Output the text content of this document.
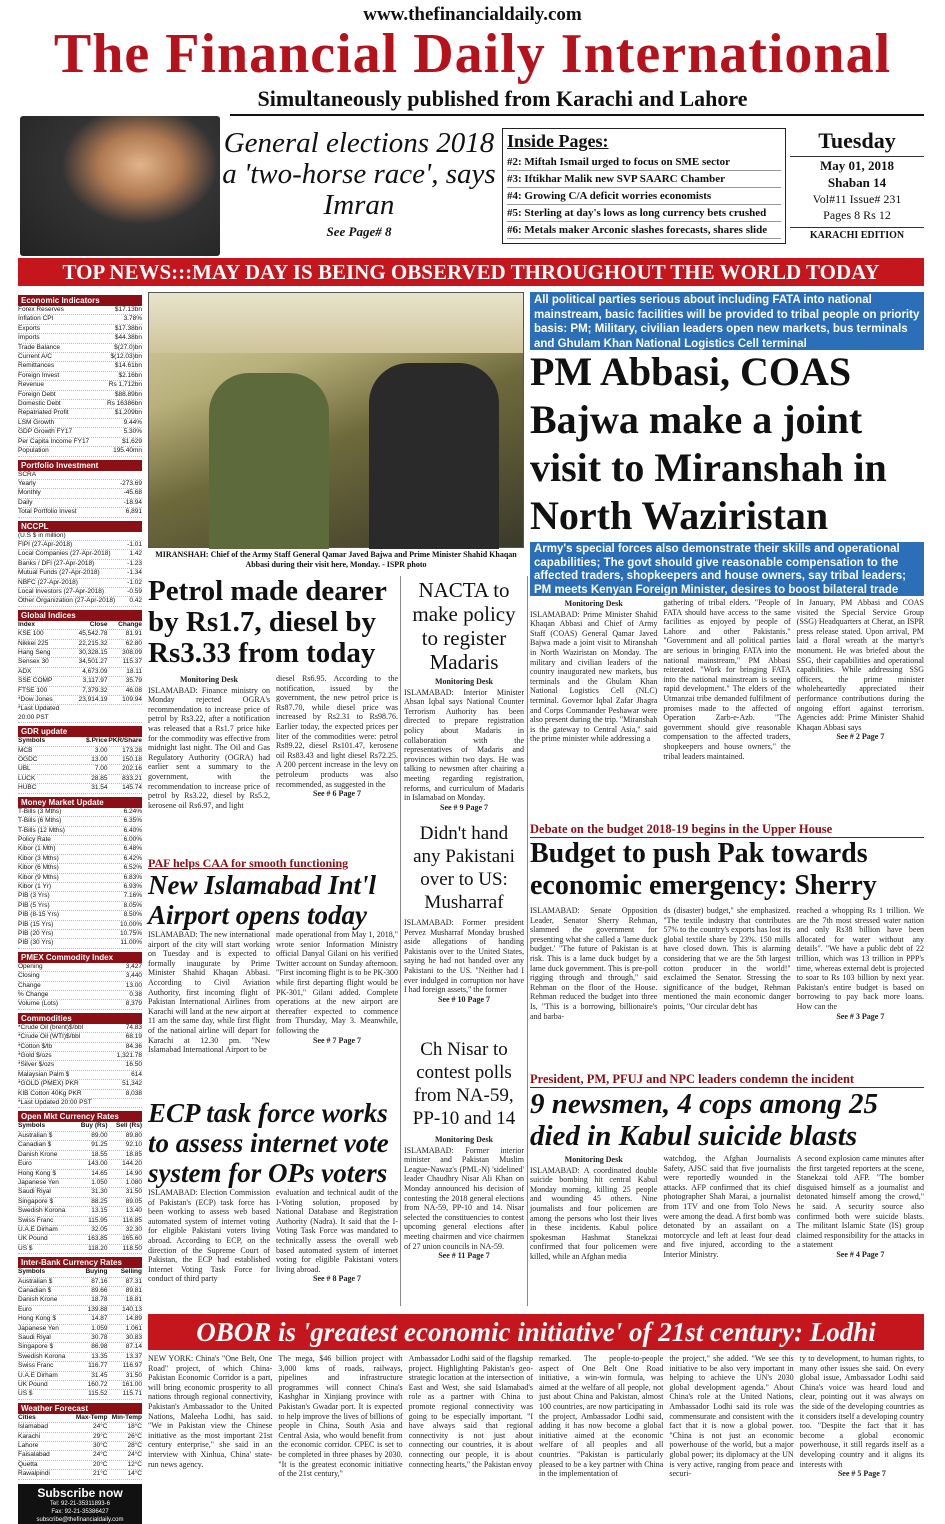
www.thefinancialdaily.com
The Financial Daily International
Simultaneously published from Karachi and Lahore
General elections 2018 a 'two-horse race', says Imran
See Page# 8
Inside Pages:
#2: Miftah Ismail urged to focus on SME sector
#3: Iftikhar Malik new SVP SAARC Chamber
#4: Growing C/A deficit worries economists
#5: Sterling at day's lows as long currency bets crushed
#6: Metals maker Arconic slashes forecasts, shares slide
Tuesday
May 01, 2018
Shaban 14
Vol#11 Issue# 231
Pages 8 Rs 12
KARACHI EDITION
TOP NEWS:::MAY DAY IS BEING OBSERVED THROUGHOUT THE WORLD TODAY
Economic Indicators
Forex Reserves	$17.13bn
Inflation CPI	3.78%
Exports	$17.38bn
Imports	$44.38bn
Trade Balance	$(27.0)bn
Current A/C	$(12.03)bn
Remittances	$14.61bn
Foreign Invest	$2.16bn
Revenue	Rs 1,712bn
Foreign Debt	$88.89bn
Domestic Debt	Rs 16386bn
Repatriated Profit	$1,209bn
LSM Growth	9.44%
GDP Growth FY17	5.30%
Per Capita Income FY17	$1,629
Population	195.40mn
Portfolio Investment
SCRA
Yearly	-273.69
Monthly	-45.68
Daily	-18.94
Total Portfolio Invest	6,891
NCCPL
(U.S $ in million)
FIPI (27-Apr-2018)	-1.01
Local Companies (27-Apr-2018)	1.42
Banks / DFI (27-Apr-2018)	-1.23
Mutual Funds (27-Apr-2018)	-1.34
NBFC (27-Apr-2018)	-1.02
Local Investors (27-Apr-2018)	-0.59
Other Organization (27-Apr-2018) 0.42
Global Indices
Index	Close	Change
KSE 100	45,542.78	81.91
Nikkei 225	22,215.32	62.80
Hang Seng	30,328.15	308.09
Sensex 30	34,501.27	115.37
ADX	4,673.09	18.11
SSE COMP	3,117.97	35.79
FTSE 100	7,379.32	46.08
*Dow Jones	23,914.19	109.94
*Last Updated 20:00 PST
GDR update
Symbols	$.Price PKR/Share
MCB	3.00	173.28
OGDC	13.00	150.18
UBL	7.00	202.16
LUCK	28.85	833.21
HUBC	31.54	145.74
Money Market Update
T-Bills (3 Mths)	6.24%
T-Bills (6 Mths)	6.35%
T-Bills (12 Mths)	6.40%
Policy Rate	6.00%
Kibor (1 Mth)	6.48%
Kibor (3 Mths)	6.42%
Kibor (6 Mths)	6.52%
Kibor (9 Mths)	6.83%
Kibor (1 Yr)	6.93%
PIB (3 Yrs)	7.16%
PIB (5 Yrs)	8.05%
PIB (8-15 Yrs)	8.50%
PIB (15 Yrs)	10.00%
PIB (20 Yrs)	10.75%
PIB (30 Yrs)	11.00%
PMEX Commodity Index
Opening	3,427
Closing	3,440
Change	13.00
% Change	0.38
Volume (Lots)	8,379
Commodities
*Crude Oil (brent)$/bbl	74.83
*Crude Oil (WTI)$/bbl	68.19
*Cotton $/lb	84.36
*Gold $/ozs	1,321.78
*Silver $/ozs	16.50
Malaysian Palm $	614
*GOLD (PMEX) PKR	51,342
KIB Cotton 40Kg PKR	8,038
*Last Updated 20:00 PST
Open Mkt Currency Rates
Symbols	Buy (Rs)	Sell (Rs)
Australian $	89.00	89.80
Canadian $	91.25	92.10
Danish Krone	18.55	18.85
Euro	143.00	144.20
Hong Kong $	14.65	14.90
Japanese Yen	1.050	1.080
Saudi Riyal	31.30	31.50
Singapore $	88.25	89.05
Swedish Korona	13.15	13.40
Swiss Franc	115.95	116.85
U.A.E Dirham	32.05	32.30
UK Pound	163.85	165.60
US $	118.20	118.50
Inter-Bank Currency Rates
Symbols	Buying	Selling
Australian $	87.16	87.31
Canadian $	89.66	89.81
Danish Krone	18.78	18.81
Euro	139.88	140.13
Hong Kong $	14.87	14.89
Japanese Yen	1.059	1.061
Saudi Riyal	30.78	30.83
Singapore $	86.98	87.14
Swedish Korona	13.35	13.37
Swiss Franc	116.77	116.97
U.A.E Dirham	31.45	31.50
UK Pound	160.72	161.00
US $	115.52	115.71
Weather Forecast
Cities	Max-Temp Min-Temp
Islamabad	24°C	18°C
Karachi	29°C	26°C
Lahore	30°C	28°C
Faisalabad	24°C	24°C
Quetta	20°C	12°C
Rawalpindi	21°C	14°C
Subscribe now
Tel: 92-21-35311893-6
Fax: 92-21-35386427
subscribe@thefinancialdaily.com
MIRANSHAH: Chief of the Army Staff General Qamar Javed Bajwa and Prime Minister Shahid Khaqan Abbasi during their visit here, Monday. - ISPR photo
All political parties serious about including FATA into national mainstream, basic facilities will be provided to tribal people on priority basis: PM; Military, civilian leaders open new markets, bus terminals and Ghulam Khan National Logistics Cell terminal
PM Abbasi, COAS Bajwa make a joint visit to Miranshah in North Waziristan
Army's special forces also demonstrate their skills and operational capabilities; The govt should give reasonable compensation to the affected traders, shopkeepers and house owners, say tribal leaders; PM meets Kenyan Foreign Minister, desires to boost bilateral trade
Monitoring Desk
ISLAMABAD: Prime Minister Shahid Khaqan Abbasi and Chief of Army Staff (COAS) General Qamar Javed Bajwa made a joint visit to Miranshah in North Waziristan on Monday. The military and civilian leaders of the country inaugurated new markets, bus terminals and the Ghulam Khan National Logistics Cell (NLC) terminal. Governor Iqbal Zafar Jhagra and Corps Commander Peshawar were also present during the trip. "Miranshah is the gateway to Central Asia," said the prime minister while addressing a
gathering of tribal elders. "People of FATA should have access to the same facilities as enjoyed by people of Lahore and other Pakistanis." "Government and all political parties are serious in bringing FATA into the national mainstream," PM Abbasi reiterated. "Work for bringing FATA into the national mainstream is seeing rapid development." The elders of the Utmanzai tribe demanded fulfilment of promises made to the affected of Operation Zarb-e-Azb. "The government should give reasonable compensation to the affected traders, shopkeepers and house owners," the tribal leaders maintained.
In January, PM Abbasi and COAS visited the Special Service Group (SSG) Headquarters at Cherat, an ISPR press release stated. Upon arrival, PM laid a floral wreath at the martyr's monument. He was briefed about the SSG, their capabilities and operational capabilities. While addressing SSG officers, the prime minister wholeheartedly appreciated their performance contributions during the ongoing effort against terrorism. Agencies add: Prime Minister Shahid Khaqan Abbasi says
See # 2 Page 7
Petrol made dearer by Rs1.7, diesel by Rs3.33 from today
Monitoring Desk
ISLAMABAD: Finance ministry on Monday rejected OGRA's recommendation to increase price of petrol by Rs3.22, after a notification was released that a Rs1.7 price hike for the commodity was effective from midnight last night. The Oil and Gas Regulatory Authority (OGRA) had earlier sent a summary to the government, with the recommendation to increase price of petrol by Rs3.22, diesel by Rs5.2, kerosene oil Rs6.97, and light
diesel Rs6.95. According to the notification, issued by the government, the new petrol price is Rs87.70, while diesel price was increased by Rs2.31 to Rs98.76. Earlier today, the expected prices per liter of the commodities were: petrol Rs89.22, diesel Rs101.47, kerosene oil Rs83.43 and light diesel Rs72.25. A 200 percent increase in the levy on petroleum products was also recommended, as suggested in the
See # 6 Page 7
NACTA to make policy to register Madaris
Monitoring Desk
ISLAMABAD: Interior Minister Ahsan Iqbal says National Counter Terrorism Authority has been directed to prepare registration policy about Madaris in collaboration with the representatives of Madaris and provinces within two days. He was talking to newsmen after chairing a meeting regarding registration, reforms, and curriculum of Madaris in Islamabad on Monday.
See # 9 Page 7
Didn't hand any Pakistani over to US: Musharraf
ISLAMABAD: Former president Pervez Musharraf Monday brushed aside allegations of handing Pakistanis over to the United States, saying he had not handed over any Pakistani to the US. "Neither had I ever indulged in corruption nor have I had foreign assets," the former
See # 10 Page 7
Ch Nisar to contest polls from NA-59, PP-10 and 14
Monitoring Desk
ISLAMABAD: Former interior minister and Pakistan Muslim League-Nawaz's (PML-N) 'sidelined' leader Chaudhry Nisar Ali Khan on Monday announced his decision of contesting the 2018 general elections from NA-59, PP-10 and 14. Nisar selected the constituencies to contest upcoming general elections after meeting chairmen and vice chairmen of 27 union councils in NA-59.
See # 11 Page 7
PAF helps CAA for smooth functioning
New Islamabad Int'l Airport opens today
ISLAMABAD: The new international airport of the city will start working on Tuesday and is expected to formally inaugurate by Prime Minister Shahid Khaqan Abbasi. According to Civil Aviation Authority, first incoming flight of Pakistan International Airlines from Karachi will land at the new airport at 11 am the same day, while first flight of the national airline will depart for Karachi at 12.30 pm. "New Islamabad International Airport to be
made operational from May 1, 2018," wrote senior Information Ministry official Danyal Gilani on his verified Twitter account on Sunday afternoon. "First incoming flight is to be PK-300 while first departing flight would be PK-301," Gilani added. Complete operations at the new airport are thereafter expected to commence from Thursday, May 3. Meanwhile, following the
See # 7 Page 7
ECP task force works to assess internet vote system for OPs voters
ISLAMABAD: Election Commission of Pakistan's (ECP) task force has been working to assess web based automated system of internet voting for eligible Pakistani voters living abroad. According to ECP, on the direction of the Supreme Court of Pakistan, the ECP had established Internet Voting Task Force for conduct of third party
evaluation and technical audit of the I-Voting solution, proposed by National Database and Registration Authority (Nadra). It said that the I-Voting Task Force was mandated to technically assess the overall web based automated system of internet voting for eligible Pakistani voters living abroad.
See # 8 Page 7
Debate on the budget 2018-19 begins in the Upper House
Budget to push Pak towards economic emergency: Sherry
ISLAMABAD: Senate Opposition Leader, Senator Sherry Rehman, slammed the government for presenting what she called a 'lame duck budget.' "The future of Pakistan is at risk. This is a lame duck budget by a lame duck government. This is pre-poll rigging through and through," said Rehman on the floor of the House. Rehman reduced the budget into three Is, "This is a borrowing, billionaire's and barba-
ds (disaster) budget," she emphasized. "The textile industry that contributes 57% to the country's exports has lost its global textile share by 23%. 150 mills have closed down. This is alarming considering that we are the 5th largest cotton producer in the world!" exclaimed the Senator. Stressing the significance of the budget, Rehman mentioned the main economic danger points, "Our circular debt has
reached a whopping Rs 1 trillion. We are the 7th most stressed water nation and only Rs38 billion have been allocated for water without any details". "We have a public debt of 22 trillion, which was 13 trillion in PPP's time, whereas external debt is projected to soar to Rs 103 billion by next year. Pakistan's entire budget is based on borrowing to pay back more loans. How can the
See # 3 Page 7
President, PM, PFUJ and NPC leaders condemn the incident
9 newsmen, 4 cops among 25 died in Kabul suicide blasts
Monitoring Desk
ISLAMABAD: A coordinated double suicide bombing hit central Kabul Monday morning, killing 25 people and wounding 45 others. Nine journalists and four policemen are among the persons who lost their lives in these incidents. Kabul police spokesman Hashmat Stanekzai confirmed that four policemen were killed, while an Afghan media
watchdog, the Afghan Journalists Safety, AJSC said that five journalists were reportedly wounded in the attacks. AFP confirmed that its chief photographer Shah Marai, a journalist from 1TV and one from Tolo News were among the dead. A first bomb was detonated by an assailant on a motorcycle and left at least four dead and five injured, according to the Interior Ministry.
A second explosion came minutes after the first targeted reporters at the scene, Stanekzai told AFP. "The bomber disguised himself as a journalist and detonated himself among the crowd," he said. A security source also confirmed both were suicide blasts. The militant Islamic State (IS) group claimed responsibility for the attacks in a statement
See # 4 Page 7
OBOR is 'greatest economic initiative' of 21st century: Lodhi
NEW YORK: China's "One Belt, One Road" project, of which China-Pakistan Economic Corridor is a part, will bring economic prosperity to all nations through regional connectivity, Pakistan's Ambassador to the United Nations, Maleeha Lodhi, has said. "We in Pakistan view the Chinese initiative as the most important 21st century enterprise," she said in an interview with Xinhua, China' state-run news agency.
The mega, $46 billion project with 3,000 kms of roads, railways, pipelines and infrastructure programmes will connect China's Kashghar in Xinjiang province with Pakistan's Gwadar port. It is expected to help improve the lives of billions of people in China, South Asia and Central Asia, who would benefit from the economic corridor. CPEC is set to be completed in three phases by 2030. "It is the greatest economic initiative of the 21st century,"
Ambassador Lodhi said of the flagship project. Highlighting Pakistan's geo-strategic location at the intersection of East and West, she said Islamabad's role as a partner with China to promote regional connectivity was going to be especially important. "I have always said that regional connectivity is not just about connecting our countries, it is about connecting our people, it is about connecting hearts," the Pakistan envoy
remarked. The people-to-people aspect of One Belt One Road initiative, a win-win formula, was aimed at the welfare of all people, not just about China and Pakistan, almost 100 countries, are now participating in the project, Ambassador Lodhi said, adding it has now become a global initiative aimed at the economic welfare of all peoples and all countries. "Pakistan is particularly pleased to be a key partner with China in the implementation of
the project," she added. "We see this initiative to be also very important in helping to achieve the UN's 2030 global development agenda." About China's role at the United Nations, Ambassador Lodhi said its role was commensurate and consistent with the fact that it is now a global power. "China is not just an economic powerhouse of the world, but a major global power; its diplomacy at the UN is very active, ranging from peace and securi-
ty to development, to human rights, to many other issues she said. On every global issue, Ambassador Lodhi said China's voice was heard loud and clear, pointing out it was always on the side of the developing countries as it considers itself a developing country too. "Despite the fact that it has become a global economic powerhouse, it still regards itself as a developing country and it aligns its interests with
See # 5 Page 7
